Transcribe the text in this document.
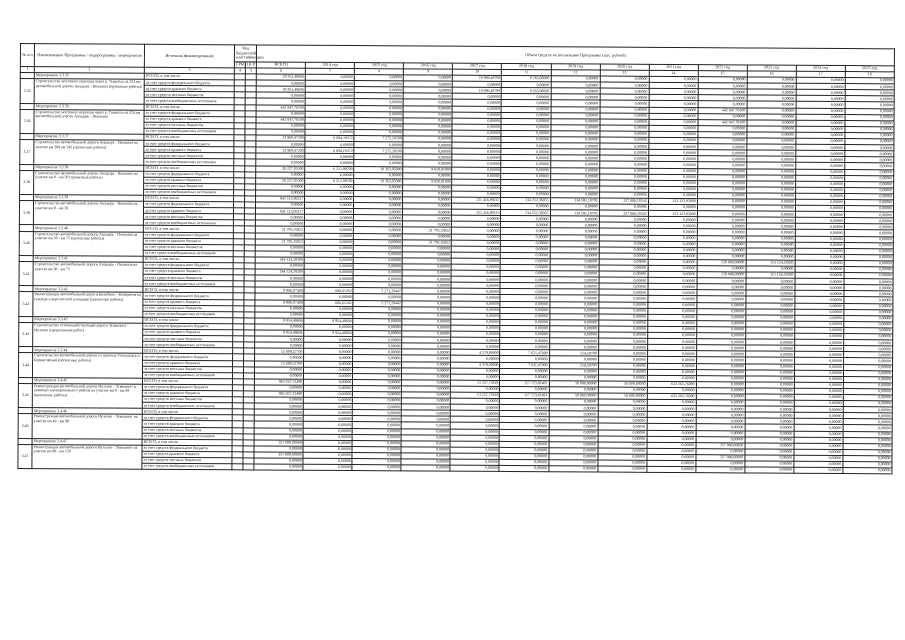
№ п/п	Наименование Программы / подпрограммы / мероприятия	Источник финансирования	Код бюджетной классификации		Объем средств на реализацию Программы (тыс. рублей)												
			ГРБС	ЦСР	ВСЕГО	2014 год	2015 год	2016 год	2017 год	2018 год	2019 год	2020 год	2021 год	2022 год	2023 год	2024 год	2025 год
1	2	3	4	5	6	7	8	9	10	11	12	13	14	15	16	17	18
	Мероприятие 3.3.35	ВСЕГО, в том числе:			29 261,49606	0,00000	0,00000	0,00000	19 996,49700	9 265,00000	0,00000	0,00000	0,00000	0,00000	0,00000	0,00000	0,00000
3.35	Строительство мостового перехода через р. Тымъёль на 224 км автомобильной дороги Анадырь - Пенжина (проектные работы)	за счет средств федерального бюджета			0,00000	0,00000	0,00000	0,00000	0,00000	0,00000	0,00000	0,00000	0,00000	0,00000	0,00000	0,00000	0,00000
		за счет средств краевого бюджета			29 261,49606	0,00000	0,00000	0,00000	19 996,49700	9 265,00000	0,00000	0,00000	0,00000	0,00000	0,00000	0,00000	0,00000
		за счет средств местных бюджетов			0,00000	0,00000	0,00000	0,00000	0,00000	0,00000	0,00000	0,00000	0,00000	0,00000	0,00000	0,00000	0,00000
		за счет средств внебюджетных источников			0,00000	0,00000	0,00000	0,00000	0,00000	0,00000	0,00000	0,00000	0,00000	0,00000	0,00000	0,00000	0,00000
	Мероприятие 3.3.36	ВСЕГО, в том числе:			442 847,78100	0,00000	0,00000	0,00000	0,00000	0,00000	0,00000	0,00000	0,00000	442 847,78100	0,00000	0,00000	0,00000
3.36	Строительство мостового перехода через р. Тымъёль на 224 км автомобильной дороги Анадырь - Пенжина	за счет средств федерального бюджета			0,00000	0,00000	0,00000	0,00000	0,00000	0,00000	0,00000	0,00000	0,00000	0,00000	0,00000	0,00000	0,00000
		за счет средств краевого бюджета			442 847,78100	0,00000	0,00000	0,00000	0,00000	0,00000	0,00000	0,00000	0,00000	442 847,78100	0,00000	0,00000	0,00000
		за счет средств местных бюджетов			0,00000	0,00000	0,00000	0,00000	0,00000	0,00000	0,00000	0,00000	0,00000	0,00000	0,00000	0,00000	0,00000
		за счет средств внебюджетных источников			0,00000	0,00000	0,00000	0,00000	0,00000	0,00000	0,00000	0,00000	0,00000	0,00000	0,00000	0,00000	0,00000
	Мероприятие 3.3.37	ВСЕГО, в том числе:			13 969,47200	6 694,19372	7 275,28100	0,00000	0,00000	0,00000	0,00000	0,00000	0,00000	0,00000	0,00000	0,00000	0,00000
3.37	Строительство автомобильной дороги Анадырь - Пенжина на участке км 308 км 245 (проектные работы)	за счет средств федерального бюджета			0,00000	0,00000	0,00000	0,00000	0,00000	0,00000	0,00000	0,00000	0,00000	0,00000	0,00000	0,00000	0,00000
		за счет средств краевого бюджета			13 969,47200	6 694,19372	7 275,28100	0,00000	0,00000	0,00000	0,00000	0,00000	0,00000	0,00000	0,00000	0,00000	0,00000
		за счет средств местных бюджетов			0,00000	0,00000	0,00000	0,00000	0,00000	0,00000	0,00000	0,00000	0,00000	0,00000	0,00000	0,00000	0,00000
		за счет средств внебюджетных источников			0,00000	0,00000	0,00000	0,00000	0,00000	0,00000	0,00000	0,00000	0,00000	0,00000	0,00000	0,00000	0,00000
	Мероприятие 3.3.38	ВСЕГО, в том числе:			26 227,95300	6 212,99700	10 363,95000	9 650,91000	0,00000	0,00000	0,00000	0,00000	0,00000	0,00000	0,00000	0,00000	0,00000
3.38	Строительство автомобильной дороги Анадырь - Пенжина на участке км 0 - км 30 (проектные работы)	за счет средств федерального бюджета			0,00000	0,00000	0,00000	0,00000	0,00000	0,00000	0,00000	0,00000	0,00000	0,00000	0,00000	0,00000	0,00000
		за счет средств краевого бюджета			26 227,95300	6 212,99700	10 363,95000	9 650,91000	0,00000	0,00000	0,00000	0,00000	0,00000	0,00000	0,00000	0,00000	0,00000
		за счет средств местных бюджетов			0,00000	0,00000	0,00000	0,00000	0,00000	0,00000	0,00000	0,00000	0,00000	0,00000	0,00000	0,00000	0,00000
		за счет средств внебюджетных источников			0,00000	0,00000	0,00000	0,00000	0,00000	0,00000	0,00000	0,00000	0,00000	0,00000	0,00000	0,00000	0,00000
	Мероприятие 3.3.39	ВСЕГО, в том числе:			941 115,06317	0,00000	0,00000	0,00000	121 456,99215	234 252,36055	134 591,18705	227 886,10542	153 123,93000	0,00000	0,00000	0,00000	0,00000
3.39	Строительство автомобильной дороги Анадырь - Пенжина на участке км 0 - км 30	за счет средств федерального бюджета			0,00000	0,00000	0,00000	0,00000	0,00000	0,00000	0,00000	0,00000	0,00000	0,00000	0,00000	0,00000	0,00000
		за счет средств краевого бюджета			941 115,06317	0,00000	0,00000	0,00000	121 456,99215	234 252,36055	134 591,18705	227 886,10542	153 123,93000	0,00000	0,00000	0,00000	0,00000
		за счет средств местных бюджетов			0,00000	0,00000	0,00000	0,00000	0,00000	0,00000	0,00000	0,00000	0,00000	0,00000	0,00000	0,00000	0,00000
		за счет средств внебюджетных источников			0,00000	0,00000	0,00000	0,00000	0,00000	0,00000	0,00000	0,00000	0,00000	0,00000	0,00000	0,00000	0,00000
	Мероприятие 3.3.40	ВСЕГО, в том числе:			21 795,35852	0,00000	0,00000	21 795,35852	0,00000	0,00000	0,00000	0,00000	0,00000	0,00000	0,00000	0,00000	0,00000
3.40	Строительство автомобильной дороги Анадырь - Пенжина на участке км 30 - км 75 (проектные работы)	за счет средств федерального бюджета			0,00000	0,00000	0,00000	0,00000	0,00000	0,00000	0,00000	0,00000	0,00000	0,00000	0,00000	0,00000	0,00000
		за счет средств краевого бюджета			21 795,35852	0,00000	0,00000	21 795,35852	0,00000	0,00000	0,00000	0,00000	0,00000	0,00000	0,00000	0,00000	0,00000
		за счет средств местных бюджетов			0,00000	0,00000	0,00000	0,00000	0,00000	0,00000	0,00000	0,00000	0,00000	0,00000	0,00000	0,00000	0,00000
		за счет средств внебюджетных источников			0,00000	0,00000	0,00000	0,00000	0,00000	0,00000	0,00000	0,00000	0,00000	0,00000	0,00000	0,00000	0,00000
	Мероприятие 3.3.41	ВСЕГО, в том числе:			244 124,28300	0,00000	0,00000	0,00000	0,00000	0,00000	0,00000	0,00000	0,00000	129 000,00000	115 124,28300	0,00000	0,00000
3.41	Строительство автомобильной дороги Анадырь - Пенжина на участке км 30 - км 75	за счет средств федерального бюджета			0,00000	0,00000	0,00000	0,00000	0,00000	0,00000	0,00000	0,00000	0,00000	0,00000	0,00000	0,00000	0,00000
		за счет средств краевого бюджета			244 124,28300	0,00000	0,00000	0,00000	0,00000	0,00000	0,00000	0,00000	0,00000	129 000,00000	115 124,28300	0,00000	0,00000
		за счет средств местных бюджетов			0,00000	0,00000	0,00000	0,00000	0,00000	0,00000	0,00000	0,00000	0,00000	0,00000	0,00000	0,00000	0,00000
		за счет средств внебюджетных источников			0,00000	0,00000	0,00000	0,00000	0,00000	0,00000	0,00000	0,00000	0,00000	0,00000	0,00000	0,00000	0,00000
	Мероприятие 3.3.42	ВСЕГО, в том числе:			9 986,07409	686,61262	5 271,20447	0,00000	0,00000	0,00000	0,00000	0,00000	0,00000	0,00000	0,00000	0,00000	0,00000
3.42	Реконструкция автомобильной дороги Билибино - Кепервеем на подходе к вертолетной площадке (проектные работы)	за счет средств федерального бюджета			0,00000	0,00000	0,00000	0,00000	0,00000	0,00000	0,00000	0,00000	0,00000	0,00000	0,00000	0,00000	0,00000
		за счет средств краевого бюджета			9 986,07409	686,61262	5 271,20447	0,00000	0,00000	0,00000	0,00000	0,00000	0,00000	0,00000	0,00000	0,00000	0,00000
		за счет средств местных бюджетов			0,00000	0,00000	0,00000	0,00000	0,00000	0,00000	0,00000	0,00000	0,00000	0,00000	0,00000	0,00000	0,00000
		за счет средств внебюджетных источников			0,00000	0,00000	0,00000	0,00000	0,00000	0,00000	0,00000	0,00000	0,00000	0,00000	0,00000	0,00000	0,00000
	Мероприятие 3.3.43	ВСЕГО, в том числе:			9 954,48604	9 954,48604	0,00000	0,00000	0,00000	0,00000	0,00000	0,00000	0,00000	0,00000	0,00000	0,00000	0,00000
3.43	Строительство сезоннодействующей дороги Эгвекинот - Иультин (продолжение работ)	за счет средств федерального бюджета			0,00000	0,00000	0,00000	0,00000	0,00000	0,00000	0,00000	0,00000	0,00000	0,00000	0,00000	0,00000	0,00000
		за счет средств краевого бюджета			9 954,48604	9 954,48604	0,00000	0,00000	0,00000	0,00000	0,00000	0,00000	0,00000	0,00000	0,00000	0,00000	0,00000
		за счет средств местных бюджетов			0,00000	0,00000	0,00000	0,00000	0,00000	0,00000	0,00000	0,00000	0,00000	0,00000	0,00000	0,00000	0,00000
		за счет средств внебюджетных источников			0,00000	0,00000	0,00000	0,00000	0,00000	0,00000	0,00000	0,00000	0,00000	0,00000	0,00000	0,00000	0,00000
	Мероприятие 3.3.44	ВСЕГО, в том числе:			12 699,22700	0,00000	0,00000	0,00000	4 379,00000	7 621,47000	514,50700	0,00000	0,00000	0,00000	0,00000	0,00000	0,00000
3.44	Строительство автомобильной дороги от причала Угольный в п. Беринговский (проектные работы)	за счет средств федерального бюджета			0,00000	0,00000	0,00000	0,00000	0,00000	0,00000	0,00000	0,00000	0,00000	0,00000	0,00000	0,00000	0,00000
		за счет средств краевого бюджета			12 699,22700	0,00000	0,00000	0,00000	4 379,00000	7 621,47000	514,50700	0,00000	0,00000	0,00000	0,00000	0,00000	0,00000
		за счет средств местных бюджетов			0,00000	0,00000	0,00000	0,00000	0,00000	0,00000	0,00000	0,00000	0,00000	0,00000	0,00000	0,00000	0,00000
		за счет средств внебюджетных источников			0,00000	0,00000	0,00000	0,00000	0,00000	0,00000	0,00000	0,00000	0,00000	0,00000	0,00000	0,00000	0,00000
	Мероприятие 3.4.45	ВСЕГО, в том числе:			963 267,31490	0,00000	0,00000	0,00000	13 257,73919	117 723,81491	50 000,00000	50 000,00000	632 265,76080	0,00000	0,00000	0,00000	0,00000
3.45	Реконструкция автомобильной дороги Иультин - Эгвекинот в границах муниципального района на участке км 0 - км 49 (проектные работы)	за счет средств федерального бюджета			0,00000	0,00000	0,00000	0,00000	0,00000	0,00000	0,00000	0,00000	0,00000	0,00000	0,00000	0,00000	0,00000
		за счет средств краевого бюджета			963 267,31490	0,00000	0,00000	0,00000	13 257,73919	117 723,81491	50 000,00000	50 000,00000	632 265,76080	0,00000	0,00000	0,00000	0,00000
		за счет средств местных бюджетов			0,00000	0,00000	0,00000	0,00000	0,00000	0,00000	0,00000	0,00000	0,00000	0,00000	0,00000	0,00000	0,00000
		за счет средств внебюджетных источников			0,00000	0,00000	0,00000	0,00000	0,00000	0,00000	0,00000	0,00000	0,00000	0,00000	0,00000	0,00000	0,00000
	Мероприятие 3.4.46	ВСЕГО, в том числе:			0,00000	0,00000	0,00000	0,00000	0,00000	0,00000	0,00000	0,00000	0,00000	0,00000	0,00000	0,00000	0,00000
3.46	Реконструкция автомобильной дороги Иультин - Эгвекинот на участке км 49 - км 98	за счет средств федерального бюджета			0,00000	0,00000	0,00000	0,00000	0,00000	0,00000	0,00000	0,00000	0,00000	0,00000	0,00000	0,00000	0,00000
		за счет средств краевого бюджета			0,00000	0,00000	0,00000	0,00000	0,00000	0,00000	0,00000	0,00000	0,00000	0,00000	0,00000	0,00000	0,00000
		за счет средств местных бюджетов			0,00000	0,00000	0,00000	0,00000	0,00000	0,00000	0,00000	0,00000	0,00000	0,00000	0,00000	0,00000	0,00000
		за счет средств внебюджетных источников			0,00000	0,00000	0,00000	0,00000	0,00000	0,00000	0,00000	0,00000	0,00000	0,00000	0,00000	0,00000	0,00000
	Мероприятие 3.4.47	ВСЕГО, в том числе:			357 000,00000	0,00000	0,00000	0,00000	0,00000	0,00000	0,00000	0,00000	0,00000	357 000,00000	0,00000	0,00000	0,00000
3.47	Реконструкция автомобильной дороги Иультин - Эгвекинот на участке км 98 - км 150	за счет средств федерального бюджета			0,00000	0,00000	0,00000	0,00000	0,00000	0,00000	0,00000	0,00000	0,00000	0,00000	0,00000	0,00000	0,00000
		за счет средств краевого бюджета			357 000,00000	0,00000	0,00000	0,00000	0,00000	0,00000	0,00000	0,00000	0,00000	357 000,00000	0,00000	0,00000	0,00000
		за счет средств местных бюджетов			0,00000	0,00000	0,00000	0,00000	0,00000	0,00000	0,00000	0,00000	0,00000	0,00000	0,00000	0,00000	0,00000
		за счет средств внебюджетных источников			0,00000	0,00000	0,00000	0,00000	0,00000	0,00000	0,00000	0,00000	0,00000	0,00000	0,00000	0,00000	0,00000
